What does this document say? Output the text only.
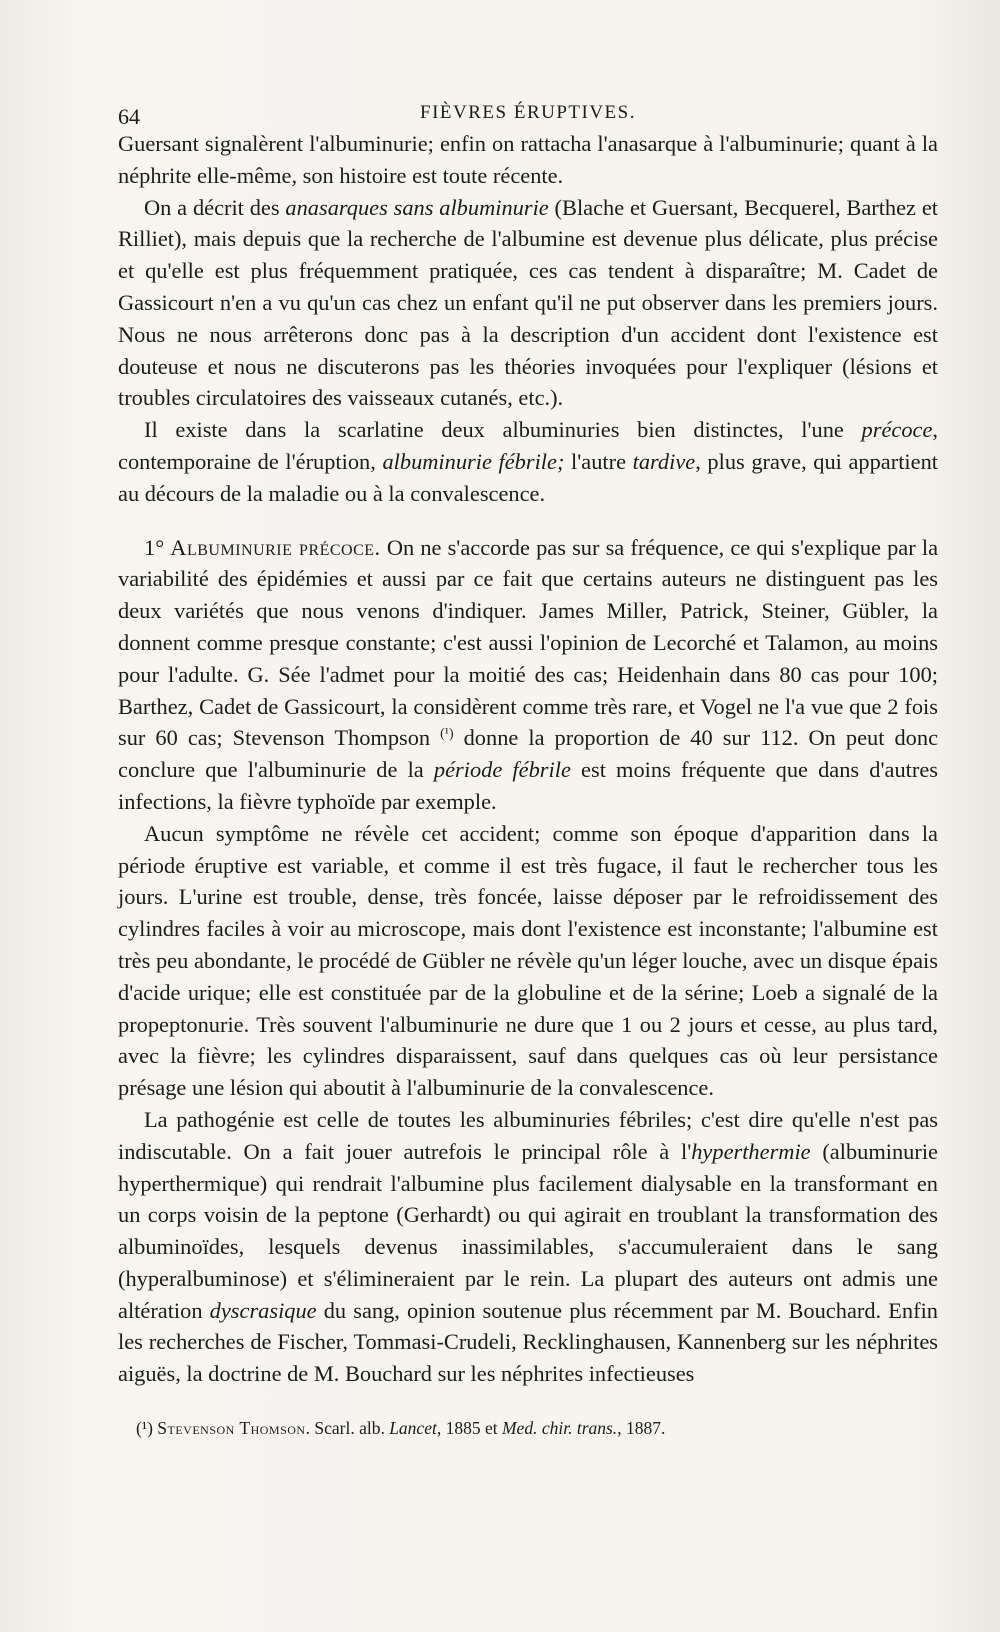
64	FIÈVRES ÉRUPTIVES.

Guersant signalèrent l'albuminurie; enfin on rattacha l'anasarque à l'albuminurie; quant à la néphrite elle-même, son histoire est toute récente.

On a décrit des anasarques sans albuminurie (Blache et Guersant, Becquerel, Barthez et Rilliet), mais depuis que la recherche de l'albumine est devenue plus délicate, plus précise et qu'elle est plus fréquemment pratiquée, ces cas tendent à disparaître; M. Cadet de Gassicourt n'en a vu qu'un cas chez un enfant qu'il ne put observer dans les premiers jours. Nous ne nous arrêterons donc pas à la description d'un accident dont l'existence est douteuse et nous ne discuterons pas les théories invoquées pour l'expliquer (lésions et troubles circulatoires des vaisseaux cutanés, etc.).

Il existe dans la scarlatine deux albuminuries bien distinctes, l'une précoce, contemporaine de l'éruption, albuminurie fébrile; l'autre tardive, plus grave, qui appartient au décours de la maladie ou à la convalescence.

1° Albuminurie précoce. On ne s'accorde pas sur sa fréquence, ce qui s'explique par la variabilité des épidémies et aussi par ce fait que certains auteurs ne distinguent pas les deux variétés que nous venons d'indiquer. James Miller, Patrick, Steiner, Gübler, la donnent comme presque constante; c'est aussi l'opinion de Lecorché et Talamon, au moins pour l'adulte. G. Sée l'admet pour la moitié des cas; Heidenhain dans 80 cas pour 100; Barthez, Cadet de Gassicourt, la considèrent comme très rare, et Vogel ne l'a vue que 2 fois sur 60 cas; Stevenson Thompson $^{(^1)}$ donne la proportion de 40 sur 112. On peut donc conclure que l'albuminurie de la période fébrile est moins fréquente que dans d'autres infections, la fièvre typhoïde par exemple.

Aucun symptôme ne révèle cet accident; comme son époque d'apparition dans la période éruptive est variable, et comme il est très fugace, il faut le rechercher tous les jours. L'urine est trouble, dense, très foncée, laisse déposer par le refroidissement des cylindres faciles à voir au microscope, mais dont l'existence est inconstante; l'albumine est très peu abondante, le procédé de Gübler ne révèle qu'un léger louche, avec un disque épais d'acide urique; elle est constituée par de la globuline et de la sérine; Loeb a signalé de la propeptonurie. Très souvent l'albuminurie ne dure que 1 ou 2 jours et cesse, au plus tard, avec la fièvre; les cylindres disparaissent, sauf dans quelques cas où leur persistance présage une lésion qui aboutit à l'albuminurie de la convalescence.

La pathogénie est celle de toutes les albuminuries fébriles; c'est dire qu'elle n'est pas indiscutable. On a fait jouer autrefois le principal rôle à l'hyperthermie (albuminurie hyperthermique) qui rendrait l'albumine plus facilement dialysable en la transformant en un corps voisin de la peptone (Gerhardt) ou qui agirait en troublant la transformation des albuminoïdes, lesquels devenus inassimilables, s'accumuleraient dans le sang (hyperalbuminose) et s'élimineraient par le rein. La plupart des auteurs ont admis une altération dyscrasique du sang, opinion soutenue plus récemment par M. Bouchard. Enfin les recherches de Fischer, Tommasi-Crudeli, Recklinghausen, Kannenberg sur les néphrites aiguës, la doctrine de M. Bouchard sur les néphrites infectieuses

(¹) Stevenson Thomson. Scarl. alb. Lancet, 1885 et Med. chir. trans., 1887.
